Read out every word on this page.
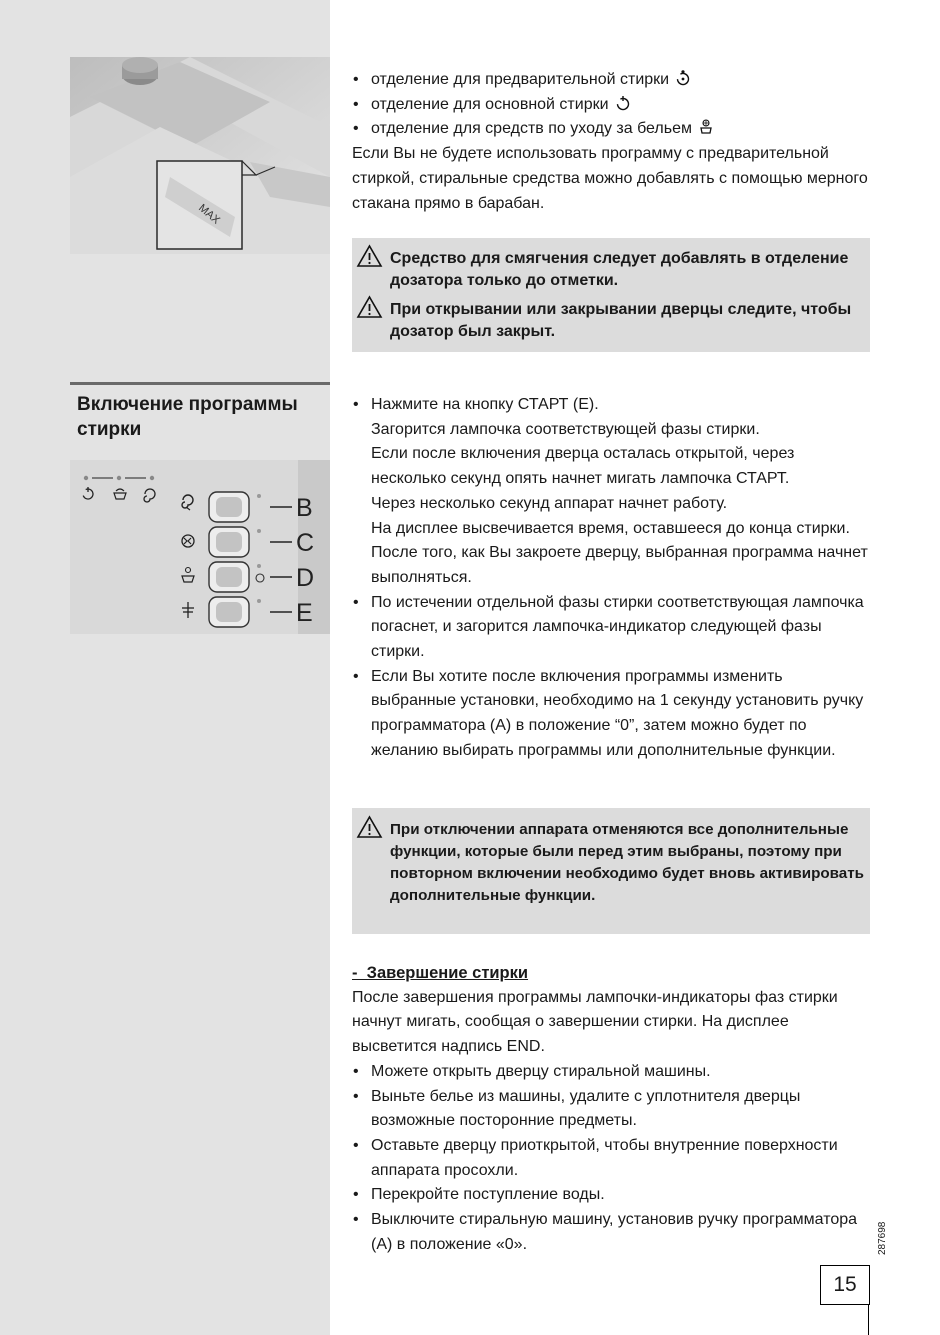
MAX
• отделение для предварительной стирки
• отделение для основной стирки
• отделение для средств по уходу за бельем

Если Вы не будете использовать программу с предварительной стиркой, стиральные средства можно добавлять с помощью мерного стакана прямо в барабан.

Средство для смягчения следует добавлять в отделение дозатора только до отметки.
При открывании или закрывании дверцы следите, чтобы дозатор был закрыт.
Включение программы стирки
B
C
D
E
• Нажмите на кнопку СТАРТ (Е).
Загорится лампочка соответствующей фазы стирки.
Если после включения дверца осталась открытой, через несколько секунд опять начнет мигать лампочка СТАРТ.
Через несколько секунд аппарат начнет работу.
На дисплее высвечивается время, оставшееся до конца стирки. После того, как Вы закроете дверцу, выбранная программа начнет выполняться.
• По истечении отдельной фазы стирки соответствующая лампочка погаснет, и загорится лампочка-индикатор следующей фазы стирки.
• Если Вы хотите после включения программы изменить выбранные установки, необходимо на 1 секунду установить ручку программатора (А) в положение “0”, затем можно будет по желанию выбирать программы или дополнительные функции.
При отключении аппарата отменяются все дополнительные функции, которые были перед этим выбраны, поэтому при повторном включении необходимо будет вновь активировать дополнительные функции.

-  Завершение стирки

После завершения программы лампочки-индикаторы фаз стирки начнут мигать, сообщая о завершении стирки. На дисплее высветится надпись END.

• Можете открыть дверцу стиральной машины.
• Выньте белье из машины, удалите с уплотнителя дверцы возможные посторонние предметы.
• Оставьте дверцу приоткрытой, чтобы внутренние поверхности аппарата просохли.
• Перекройте поступление воды.
• Выключите стиральную машину, установив ручку программатора (А) в положение «0».	287698
15
